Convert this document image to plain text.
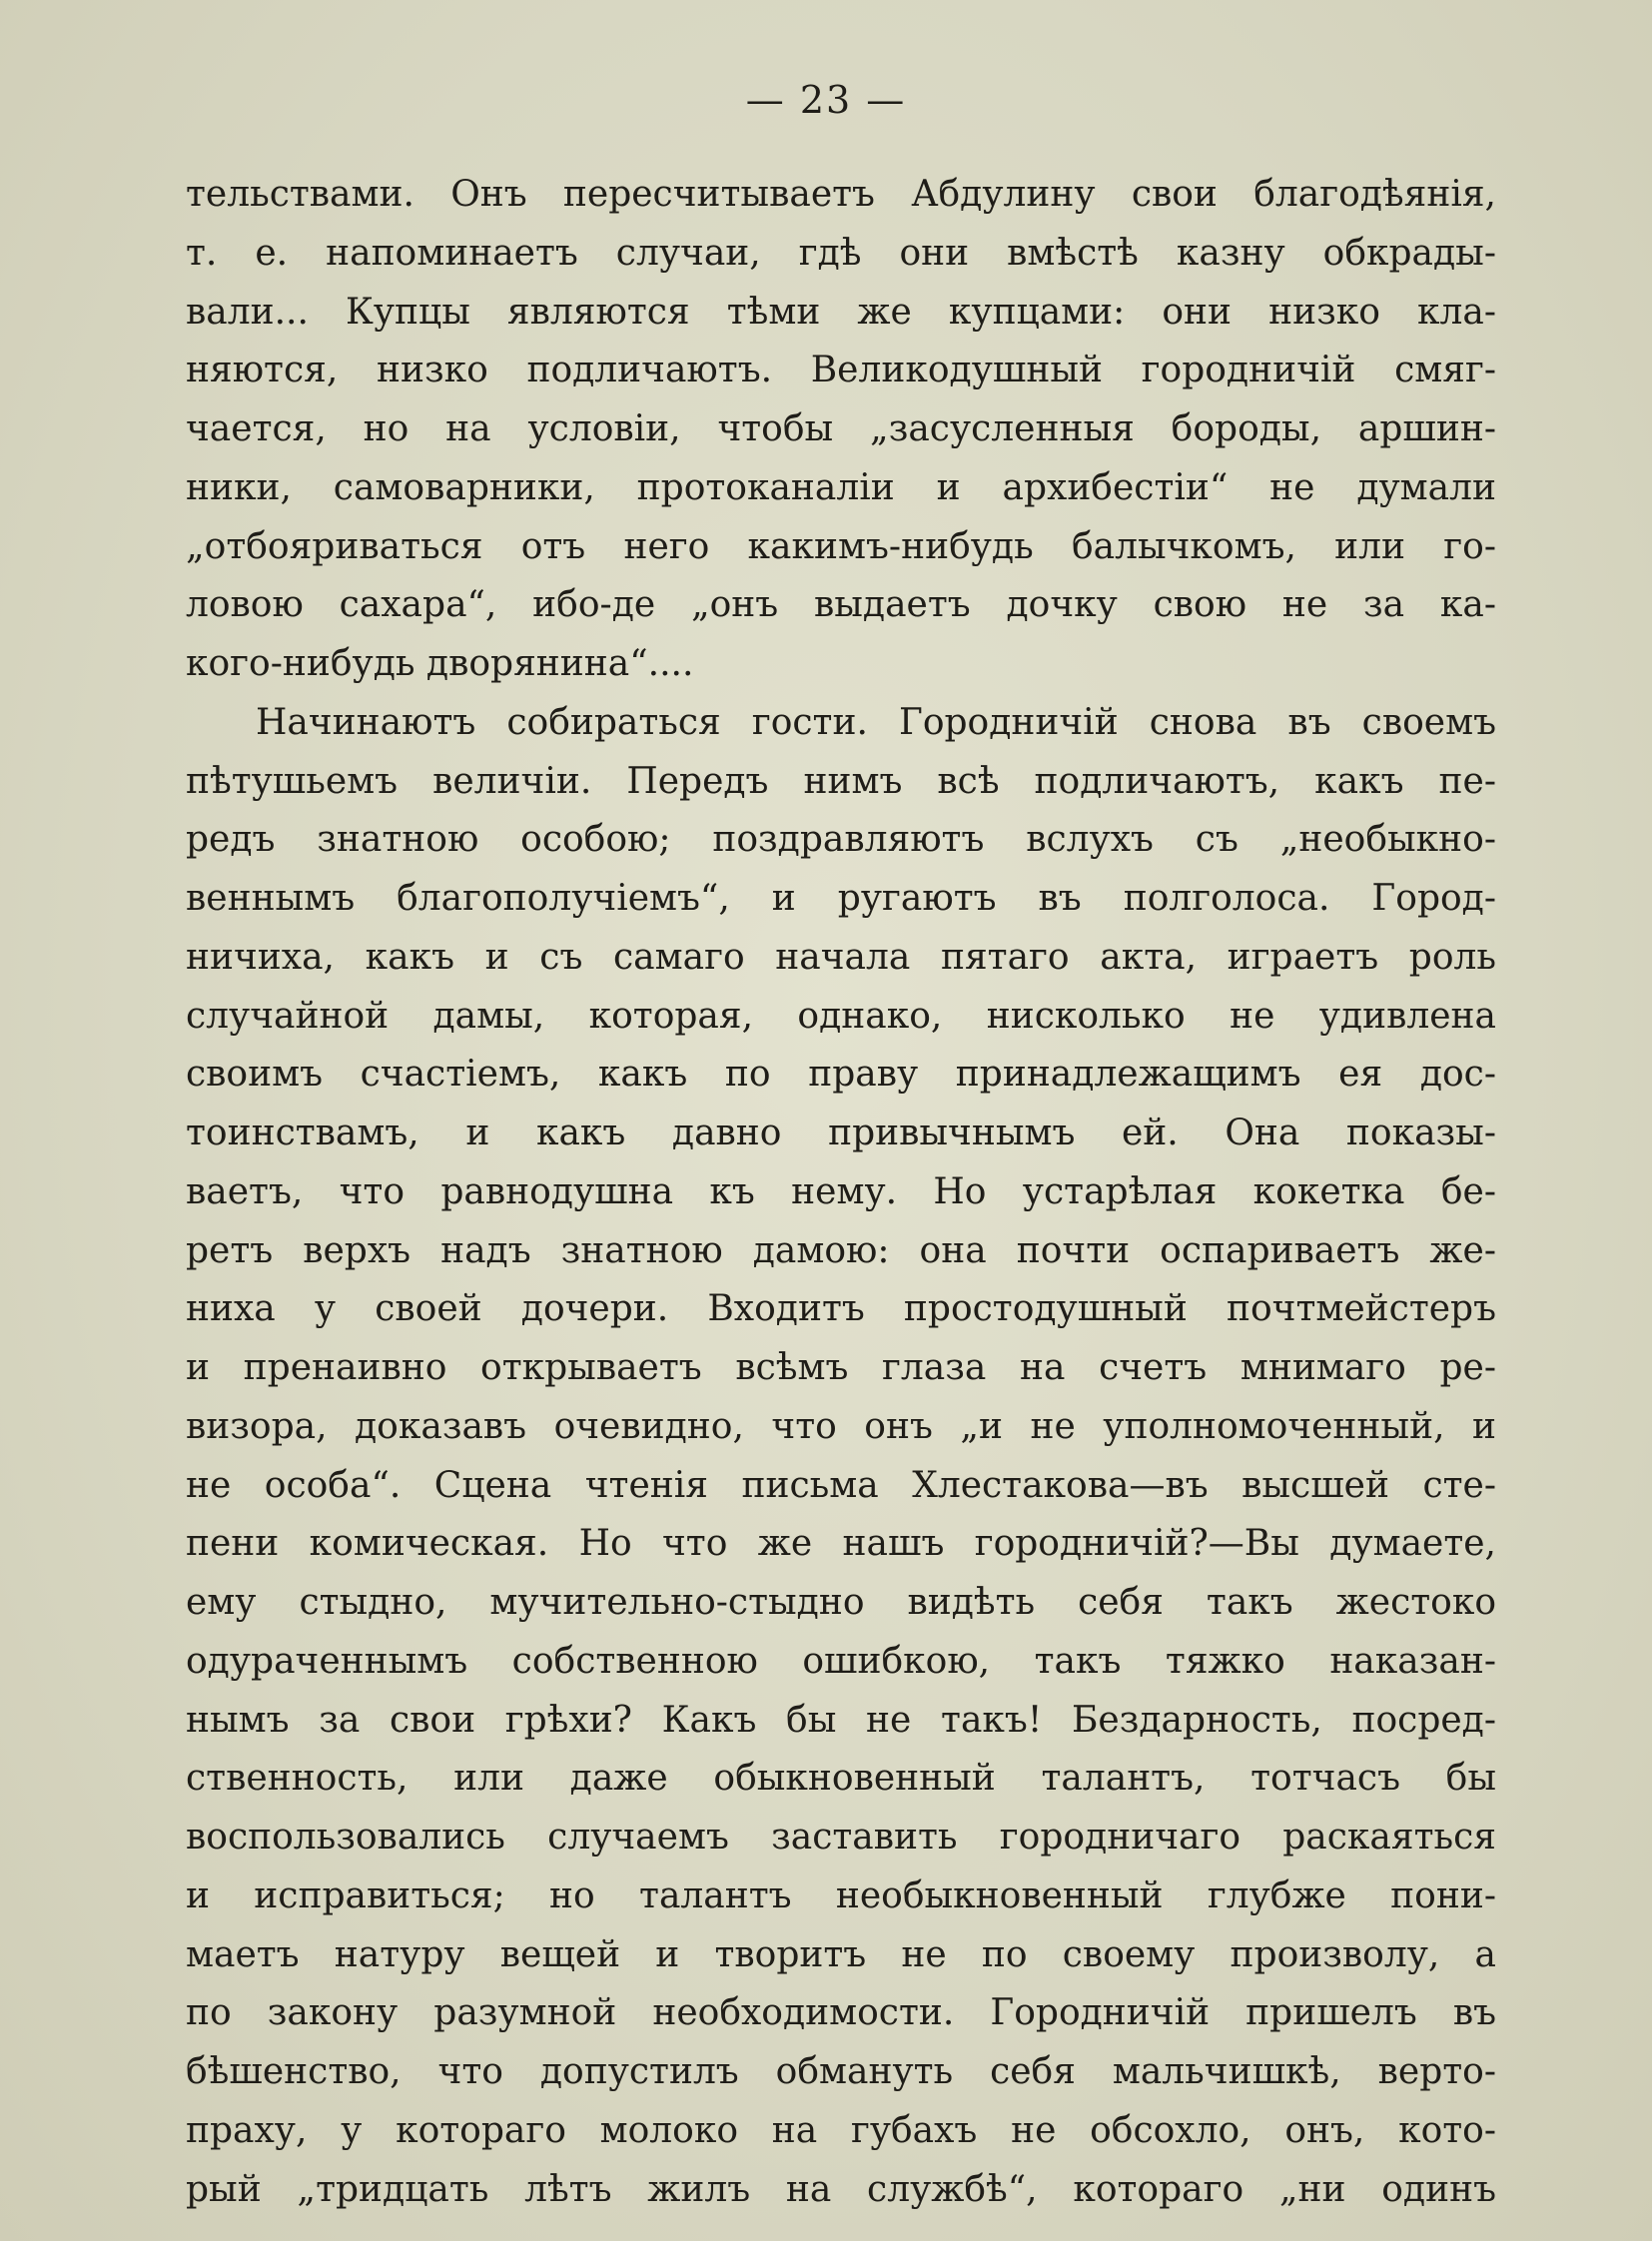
— 23 —
тельствами. Онъ пересчитываетъ Абдулину свои благодѣянія,
т. е. напоминаетъ случаи, гдѣ они вмѣстѣ казну обкрады-
вали... Купцы являются тѣми же купцами: они низко кла-
няются, низко подличаютъ. Великодушный городничій смяг-
чается, но на условіи, чтобы „засусленныя бороды, аршин-
ники, самоварники, протоканаліи и архибестіи“ не думали
„отбояриваться отъ него какимъ-нибудь балычкомъ, или го-
ловою сахара“, ибо-де „онъ выдаетъ дочку свою не за ка-
кого-нибудь дворянина“....
Начинаютъ собираться гости. Городничій снова въ своемъ
пѣтушьемъ величіи. Передъ нимъ всѣ подличаютъ, какъ пе-
редъ знатною особою; поздравляютъ вслухъ съ „необыкно-
веннымъ благополучіемъ“, и ругаютъ въ полголоса. Город-
ничиха, какъ и съ самаго начала пятаго акта, играетъ роль
случайной дамы, которая, однако, нисколько не удивлена
своимъ счастіемъ, какъ по праву принадлежащимъ ея дос-
тоинствамъ, и какъ давно привычнымъ ей. Она показы-
ваетъ, что равнодушна къ нему. Но устарѣлая кокетка бе-
ретъ верхъ надъ знатною дамою: она почти оспариваетъ же-
ниха у своей дочери. Входитъ простодушный почтмейстеръ
и пренаивно открываетъ всѣмъ глаза на счетъ мнимаго ре-
визора, доказавъ очевидно, что онъ „и не уполномоченный, и
не особа“. Сцена чтенія письма Хлестакова—въ высшей сте-
пени комическая. Но что же нашъ городничій?—Вы думаете,
ему стыдно, мучительно-стыдно видѣть себя такъ жестоко
одураченнымъ собственною ошибкою, такъ тяжко наказан-
нымъ за свои грѣхи? Какъ бы не такъ! Бездарность, посред-
ственность, или даже обыкновенный талантъ, тотчасъ бы
воспользовались случаемъ заставить городничаго раскаяться
и исправиться; но талантъ необыкновенный глубже пони-
маетъ натуру вещей и творитъ не по своему произволу, а
по закону разумной необходимости. Городничій пришелъ въ
бѣшенство, что допустилъ обмануть себя мальчишкѣ, верто-
праху, у котораго молоко на губахъ не обсохло, онъ, кото-
рый „тридцать лѣтъ жилъ на службѣ“, котораго „ни одинъ
